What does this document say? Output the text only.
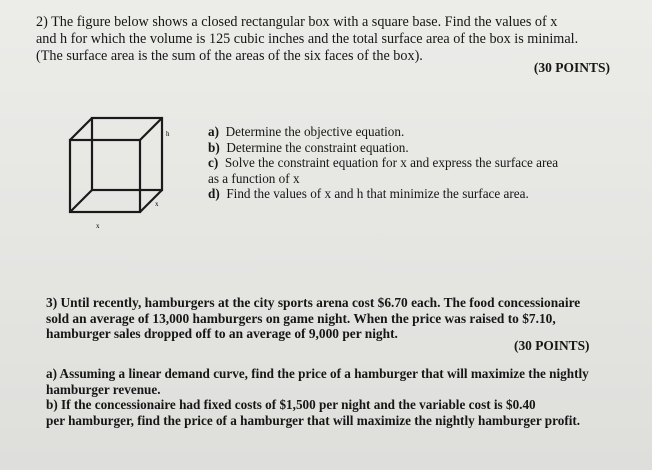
2) The figure below shows a closed rectangular box with a square base. Find the values of x
and h for which the volume is 125 cubic inches and the total surface area of the box is minimal.
(The surface area is the sum of the areas of the six faces of the box).
(30 POINTS)
h
x
x
a) Determine the objective equation.
b) Determine the constraint equation.
c) Solve the constraint equation for x and express the surface area
as a function of x
d) Find the values of x and h that minimize the surface area.
3) Until recently, hamburgers at the city sports arena cost $6.70 each. The food concessionaire
sold an average of 13,000 hamburgers on game night. When the price was raised to $7.10,
hamburger sales dropped off to an average of 9,000 per night.
(30 POINTS)
a) Assuming a linear demand curve, find the price of a hamburger that will maximize the nightly
hamburger revenue.
b) If the concessionaire had fixed costs of $1,500 per night and the variable cost is $0.40
per hamburger, find the price of a hamburger that will maximize the nightly hamburger profit.
